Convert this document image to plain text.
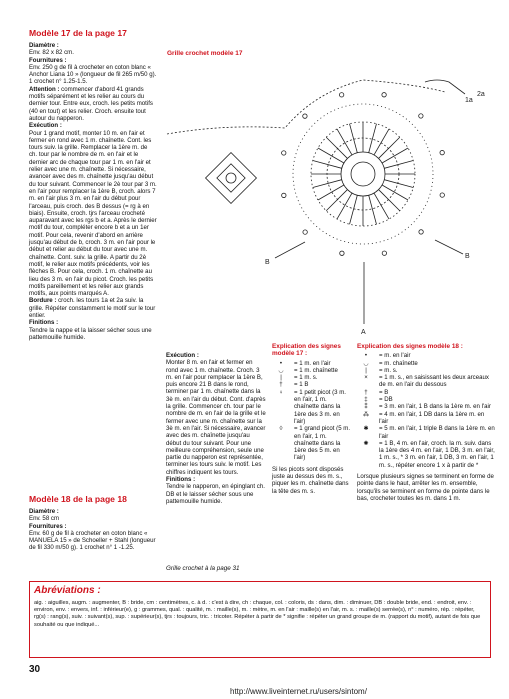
Modèle 17 de la page 17

Diamètre :

Env. 82 x 82 cm.

Fournitures :

Env. 250 g de fil à crocheter en coton blanc « Anchor Liana 10 » (longueur de fil 265 m/50 g). 1 crochet n° 1.25-1.5.

Attention : commencer d'abord 41 grands motifs séparément et les relier au cours du dernier tour. Entre eux, croch. les petits motifs (40 en tout) et les relier. Croch. ensuite tout autour du napperon.

Exécution :

Pour 1 grand motif, monter 10 m. en l'air et fermer en rond avec 1 m. chaînette. Cont. les tours suiv. la grille. Remplacer la 1ère m. de ch. tour par le nombre de m. en l'air et le dernier arc de chaque tour par 1 m. en l'air et relier avec une m. chaînette. Si nécessaire, avancer avec des m. chaînette jusqu'au début du tour suivant. Commencer le 2è tour par 3 m. en l'air pour remplacer la 1ère B, croch. alors 7 m. en l'air plus 3 m. en l'air du début pour l'arceau, puis croch. des B dessus (= rg à en biais). Ensuite, croch. tjrs l'arceau crocheté auparavant avec les rgs b et a. Après le dernier motif du tour, compléter encore b et a un 1er motif. Pour cela, revenir d'abord en arrière jusqu'au début de b, croch. 3 m. en l'air pour le début et relier au début du tour avec une m. chaînette. Cont. suiv. la grille. A partir du 2è motif, le relier aux motifs précédents, voir les flèches B. Pour cela, croch. 1 m. chaînette au lieu des 3 m. en l'air du picot. Croch. les petits motifs pareillement et les relier aux grands motifs, aux points marqués A.

Bordure : croch. les tours 1a et 2a suiv. la grille. Répéter constamment le motif sur le tour entier.

Finitions :

Tendre la nappe et la laisser sécher sous une pattemouille humide.

Modèle 18 de la page 18

Diamètre :

Env. 58 cm

Fournitures :

Env. 60 g de fil à crocheter en coton blanc « MANUELA 15 » de Schoeller + Stahl (longueur de fil 330 m/50 g). 1 crochet n° 1 -1.25.

Exécution :

Monter 8 m. en l'air et fermer en rond avec 1 m. chaînette. Croch. 3 m. en l'air pour remplacer la 1ère B, puis encore 21 B dans le rond, terminer par 1 m. chaînette dans la 3è m. en l'air du début. Cont. d'après la grille. Commencer ch. tour par le nombre de m. en l'air de la grille et le fermer avec une m. chaînette sur la 3è m. en l'air. Si nécessaire, avancer avec des m. chaînette jusqu'au début du tour suivant. Pour une meilleure compréhension, seule une partie du napperon est représentée, terminer les tours suiv. le motif. Les chiffres indiquent les tours.

Finitions :

Tendre le napperon, en épinglant ch. DB et le laisser sécher sous une pattemouille humide.

Grille crochet à la page 31
Grille crochet modèle 17
B
A
B
1a
2a

Explication des signes modèle 17 :

•	= 1 m. en l'air
◡	= 1 m. chaînette
|	= 1 m. s.
†	= 1 B
♀	= 1 petit picot (3 m. en l'air, 1 m. chaînette dans la 1ère des 3 m. en l'air)
◊	= 1 grand picot (5 m. en l'air, 1 m. chaînette dans la 1ère des 5 m. en l'air)

Si les picots sont disposés juste au dessus des m. s., piquer les m. chaînette dans la tête des m. s.

Explication des signes modèle 18 :

•	= m. en l'air
◡	= m. chaînette
|	= m. s.
×	= 1 m. s., en saisissant les deux arceaux de m. en l'air du dessous
†	= B
‡	= DB
⁑	= 3 m. en l'air, 1 B dans la 1ère m. en l'air
⁂	= 4 m. en l'air, 1 DB dans la 1ère m. en l'air
✱	= 5 m. en l'air, 1 triple B dans la 1ère m. en l'air
✺	= 1 B, 4 m. en l'air, croch. la m. suiv. dans la 1ère des 4 m. en l'air, 1 DB, 3 m. en l'air, 1 m. s., * 3 m. en l'air, 1 DB, 3 m. en l'air, 1 m. s., répéter encore 1 x à partir de *

Lorsque plusieurs signes se terminent en forme de pointe dans le haut, arrêter les m. ensemble, lorsqu'ils se terminent en forme de pointe dans le bas, crocheter toutes les m. dans 1 m.

Abréviations :
aig. : aiguilles, augm. : augmenter, B : bride, cm : centimètres, c. à d. : c'est à dire, ch : chaque, col. : coloris, ds : dans, dim. : diminuer, DB : double bride, end. : endroit, env. : environ, env. : envers, inf. : inférieur(e), g : grammes, qual. : qualité, m. : maille(s), m. : mètre, m. en l'air : maille(s) en l'air, m. s. : maille(s) serrée(s), n° : numéro, rép. : répéter, rg(s) : rang(s), suiv. : suivant(s), sup. : supérieur(s), tjrs : toujours, tric. : tricoter. Répéter à partir de * signifie : répéter un grand groupe de m. (rapport du motif), autant de fois que souhaité ou que indiqué...
30
http://www.liveinternet.ru/users/sintom/
